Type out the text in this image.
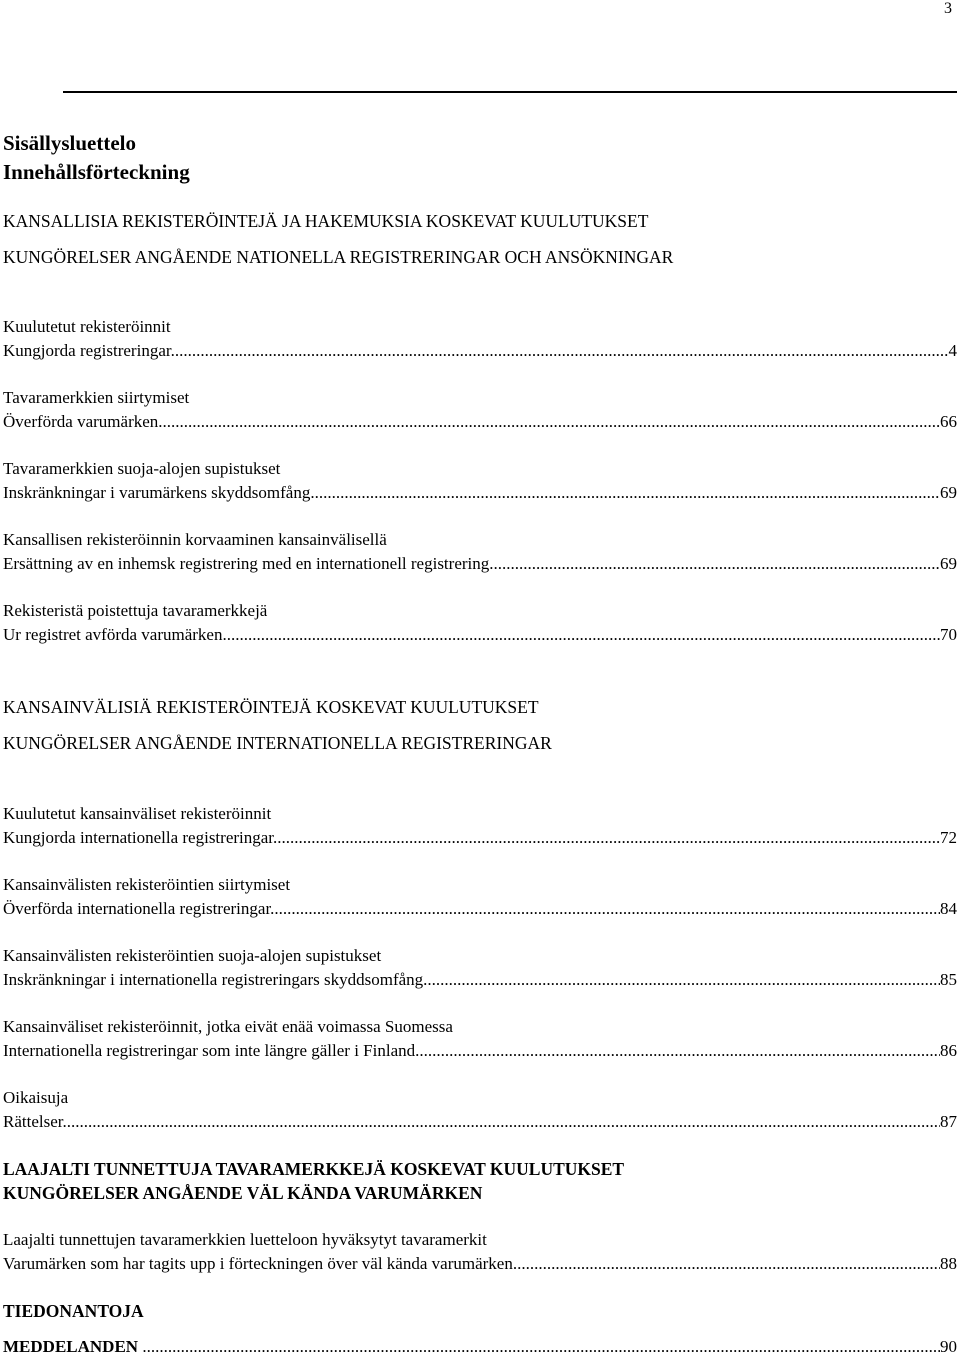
3
Sisällysluettelo
Innehållsförteckning
KANSALLISIA REKISTERÖINTEJÄ JA HAKEMUKSIA KOSKEVAT KUULUTUKSET
KUNGÖRELSER ANGÅENDE NATIONELLA REGISTRERINGAR OCH ANSÖKNINGAR
Kuulutetut rekisteröinnit
Kungjorda registreringar. .....	4
Tavaramerkkien siirtymiset
Överförda varumärken. .....	66
Tavaramerkkien suoja-alojen supistukset
Inskränkningar i varumärkens skyddsomfång. .....	69
Kansallisen rekisteröinnin korvaaminen kansainvälisellä
Ersättning av en inhemsk registrering med en internationell registrering. .....	69
Rekisteristä poistettuja tavaramerkkejä
Ur registret avförda varumärken. .....	70
KANSAINVÄLISIÄ REKISTERÖINTEJÄ KOSKEVAT KUULUTUKSET
KUNGÖRELSER ANGÅENDE INTERNATIONELLA REGISTRERINGAR
Kuulutetut kansainväliset rekisteröinnit
Kungjorda internationella registreringar. .....	72
Kansainvälisten rekisteröintien siirtymiset
Överförda internationella registreringar. .....	84
Kansainvälisten rekisteröintien suoja-alojen supistukset
Inskränkningar i internationella registreringars skyddsomfång .....	85
Kansainväliset rekisteröinnit, jotka eivät enää voimassa Suomessa
Internationella registreringar som inte längre gäller i Finland. .....	86
Oikaisuja
Rättelser. .....	87
LAAJALTI TUNNETTUJA TAVARAMERKKEJÄ KOSKEVAT KUULUTUKSET
KUNGÖRELSER ANGÅENDE VÄL KÄNDA VARUMÄRKEN
Laajalti tunnettujen tavaramerkkien luetteloon hyväksytyt tavaramerkit
Varumärken som har tagits upp i förteckningen över väl kända varumärken. .....	88
TIEDONANTOJA
MEDDELANDEN .....	90
